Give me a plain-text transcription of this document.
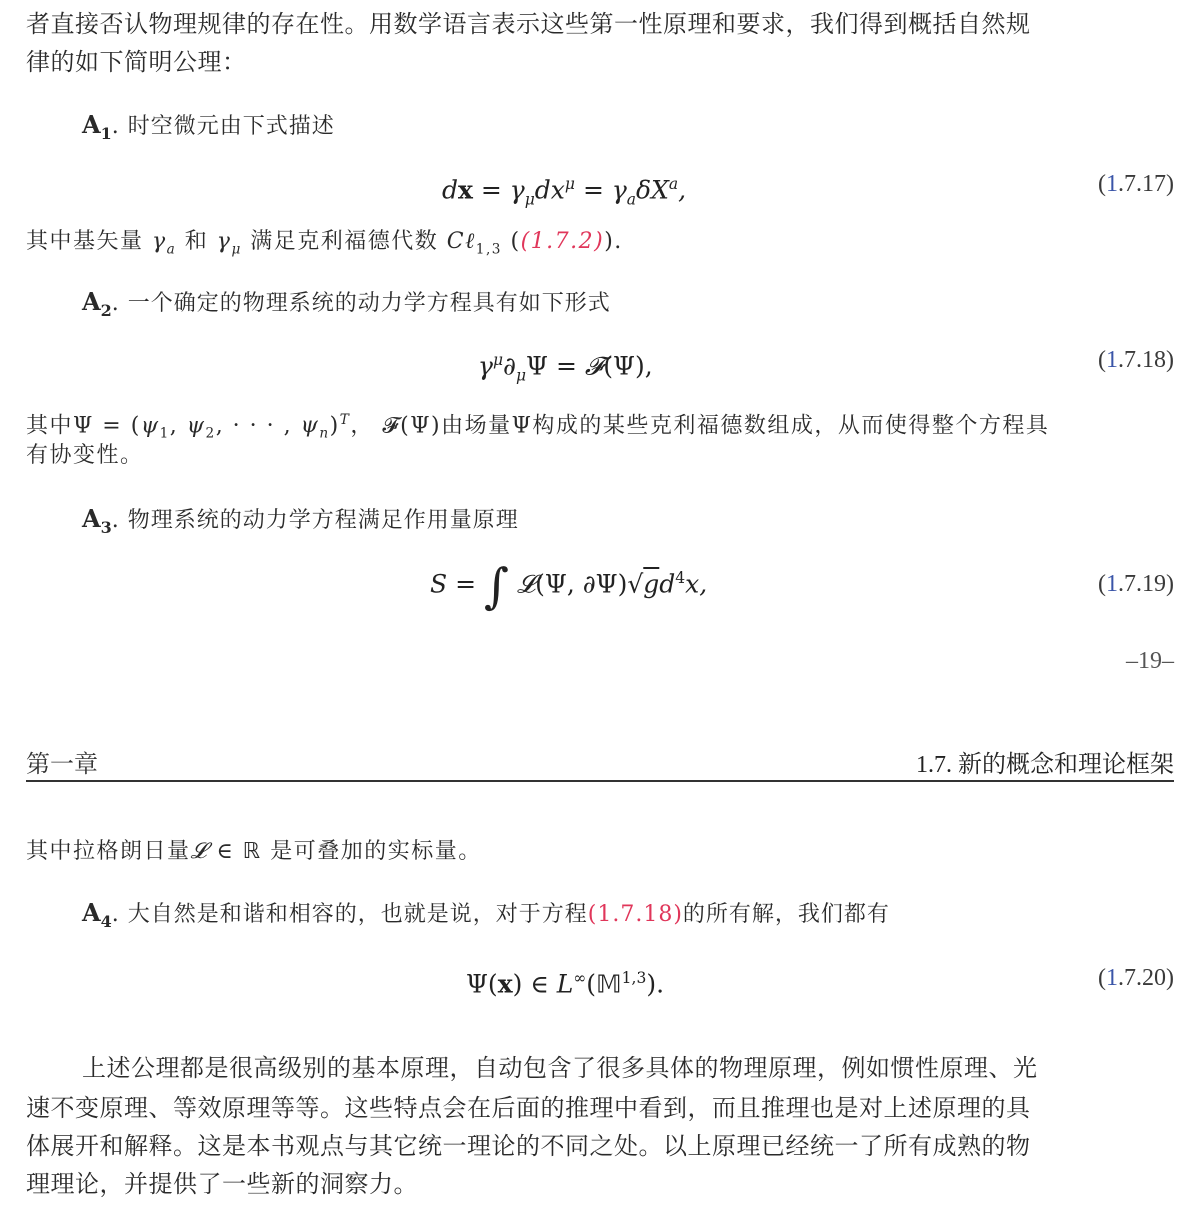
者直接否认物理规律的存在性。用数学语言表示这些第一性原理和要求，我们得到概括自然规
律的如下简明公理：
$A_1$. 时空微元由下式描述
dx = $\gamma_\mu dx^\mu = \gamma_a\delta X^a$,	(1.7.17)
其中基矢量 $\gamma_a$ 和 $\gamma_\mu$ 满足克利福德代数 Cℓ$_{1,3}$ ((1.7.2)).
$A_2$. 一个确定的物理系统的动力学方程具有如下形式
$\gamma^\mu\partial_\mu\Psi$ = 𝓕(Ψ),	(1.7.18)
其中$\Psi = (\psi_1$, $\psi_2$, · · · , $\psi_n)^T$， 𝓕(Ψ)由场量Ψ构成的某些克利福德数组成，从而使得整个方程具
有协变性。
$A_3$. 物理系统的动力学方程满足作用量原理
S = ∫ 𝓛(Ψ, $\partial\Psi)√gd^4x$,	(1.7.19)
–19–
第一章	1.7. 新的概念和理论框架
其中拉格朗日量𝓛 ∈ ℝ 是可叠加的实标量。
$A_4$. 大自然是和谐和相容的，也就是说，对于方程(1.7.18)的所有解，我们都有
Ψ(x) ∈ L∞(𝕄$^{1,3}$).	(1.7.20)
上述公理都是很高级别的基本原理，自动包含了很多具体的物理原理，例如惯性原理、光
速不变原理、等效原理等等。这些特点会在后面的推理中看到，而且推理也是对上述原理的具
体展开和解释。这是本书观点与其它统一理论的不同之处。以上原理已经统一了所有成熟的物
理理论，并提供了一些新的洞察力。
